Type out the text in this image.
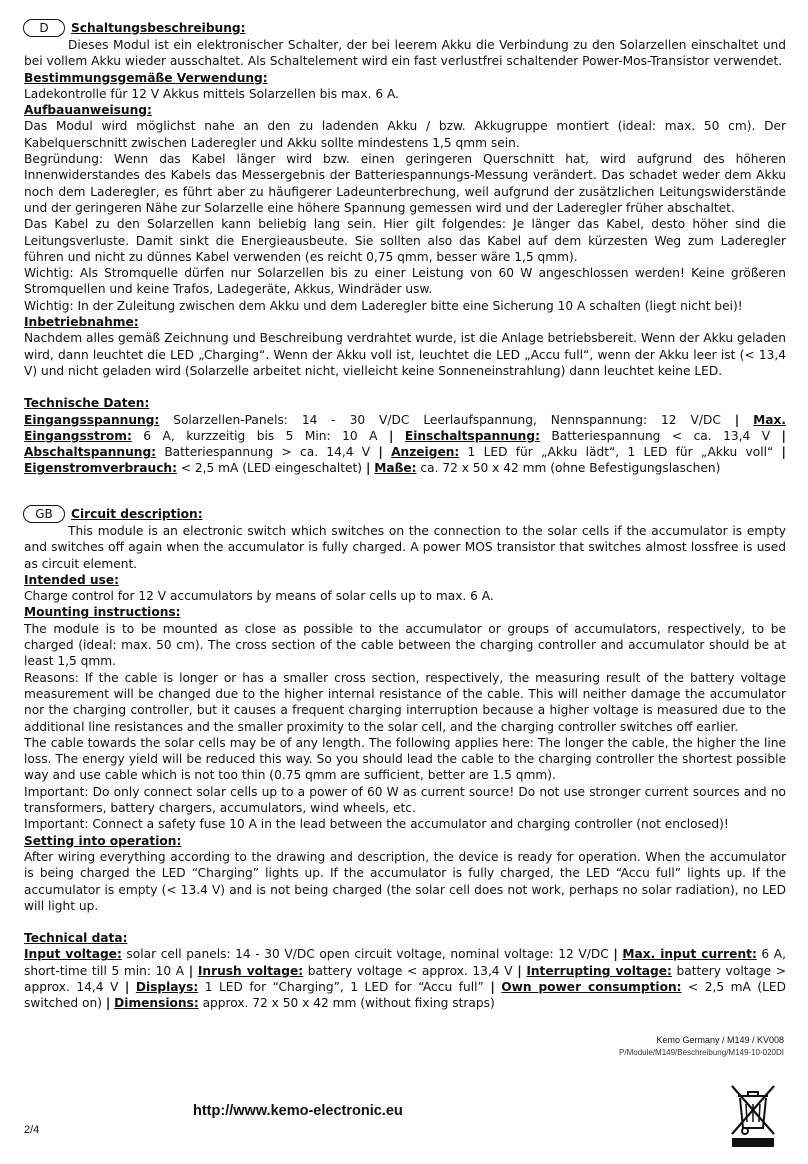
D	Schaltungsbeschreibung:

Dieses Modul ist ein elektronischer Schalter, der bei leerem Akku die Verbindung zu den Solarzellen einschaltet und bei vollem Akku wieder ausschaltet. Als Schaltelement wird ein fast verlustfrei schaltender Power-Mos-Transistor verwendet.

Bestimmungsgemäße Verwendung:

Ladekontrolle für 12 V Akkus mittels Solarzellen bis max. 6 A.

Aufbauanweisung:

Das Modul wird möglichst nahe an den zu ladenden Akku / bzw. Akkugruppe montiert (ideal: max. 50 cm). Der Kabelquerschnitt zwischen Laderegler und Akku sollte mindestens 1,5 qmm sein.

Begründung: Wenn das Kabel länger wird bzw. einen geringeren Querschnitt hat, wird aufgrund des höheren Innenwiderstandes des Kabels das Messergebnis der Batteriespannungs-Messung verändert. Das schadet weder dem Akku noch dem Laderegler, es führt aber zu häufigerer Ladeunterbrechung, weil aufgrund der zusätzlichen Leitungswiderstände und der geringeren Nähe zur Solarzelle eine höhere Spannung gemessen wird und der Laderegler früher abschaltet.

Das Kabel zu den Solarzellen kann beliebig lang sein. Hier gilt folgendes: Je länger das Kabel, desto höher sind die Leitungsverluste. Damit sinkt die Energieausbeute. Sie sollten also das Kabel auf dem kürzesten Weg zum Laderegler führen und nicht zu dünnes Kabel verwenden (es reicht 0,75 qmm, besser wäre 1,5 qmm).

Wichtig: Als Stromquelle dürfen nur Solarzellen bis zu einer Leistung von 60 W angeschlossen werden! Keine größeren Stromquellen und keine Trafos, Ladegeräte, Akkus, Windräder usw.

Wichtig: In der Zuleitung zwischen dem Akku und dem Laderegler bitte eine Sicherung 10 A schalten (liegt nicht bei)!

Inbetriebnahme:

Nachdem alles gemäß Zeichnung und Beschreibung verdrahtet wurde, ist die Anlage betriebsbereit. Wenn der Akku geladen wird, dann leuchtet die LED „Charging“. Wenn der Akku voll ist, leuchtet die LED „Accu full“, wenn der Akku leer ist (< 13,4 V) und nicht geladen wird (Solarzelle arbeitet nicht, vielleicht keine Sonneneinstrahlung) dann leuchtet keine LED.

Technische Daten:

Eingangsspannung: Solarzellen-Panels: 14 - 30 V/DC Leerlaufspannung, Nennspannung: 12 V/DC | Max. Eingangsstrom: 6 A, kurzzeitig bis 5 Min: 10 A | Einschaltspannung: Batteriespannung < ca. 13,4 V | Abschaltspannung: Batteriespannung > ca. 14,4 V | Anzeigen: 1 LED für „Akku lädt“, 1 LED für „Akku voll“ | Eigenstromverbrauch: < 2,5 mA (LED eingeschaltet) | Maße: ca. 72 x 50 x 42 mm (ohne Befestigungslaschen)

GB	Circuit description:

This module is an electronic switch which switches on the connection to the solar cells if the accumulator is empty and switches off again when the accumulator is fully charged. A power MOS transistor that switches almost lossfree is used as circuit element.

Intended use:

Charge control for 12 V accumulators by means of solar cells up to max. 6 A.

Mounting instructions:

The module is to be mounted as close as possible to the accumulator or groups of accumulators, respectively, to be charged (ideal: max. 50 cm). The cross section of the cable between the charging controller and accumulator should be at least 1,5 qmm.

Reasons: If the cable is longer or has a smaller cross section, respectively, the measuring result of the battery voltage measurement will be changed due to the higher internal resistance of the cable. This will neither damage the accumulator nor the charging controller, but it causes a frequent charging interruption because a higher voltage is measured due to the additional line resistances and the smaller proximity to the solar cell, and the charging controller switches off earlier.

The cable towards the solar cells may be of any length. The following applies here: The longer the cable, the higher the line loss. The energy yield will be reduced this way. So you should lead the cable to the charging controller the shortest possible way and use cable which is not too thin (0.75 qmm are sufficient, better are 1.5 qmm).

Important: Do only connect solar cells up to a power of 60 W as current source! Do not use stronger current sources and no transformers, battery chargers, accumulators, wind wheels, etc.

Important: Connect a safety fuse 10 A in the lead between the accumulator and charging controller (not enclosed)!

Setting into operation:

After wiring everything according to the drawing and description, the device is ready for operation. When the accumulator is being charged the LED “Charging” lights up. If the accumulator is fully charged, the LED “Accu full” lights up. If the accumulator is empty (< 13.4 V) and is not being charged (the solar cell does not work, perhaps no solar radiation), no LED will light up.

Technical data:

Input voltage: solar cell panels: 14 - 30 V/DC open circuit voltage, nominal voltage: 12 V/DC | Max. input current: 6 A, short-time till 5 min: 10 A | Inrush voltage: battery voltage < approx. 13,4 V | Interrupting voltage: battery voltage > approx. 14,4 V | Displays: 1 LED for “Charging”, 1 LED for “Accu full” | Own power consumption: < 2,5 mA (LED switched on) | Dimensions: approx. 72 x 50 x 42 mm (without fixing straps)

Kemo Germany / M149 / KV008
P/Module/M149/Beschreibung/M149-10-020DI
http://www.kemo-electronic.eu
2/4
